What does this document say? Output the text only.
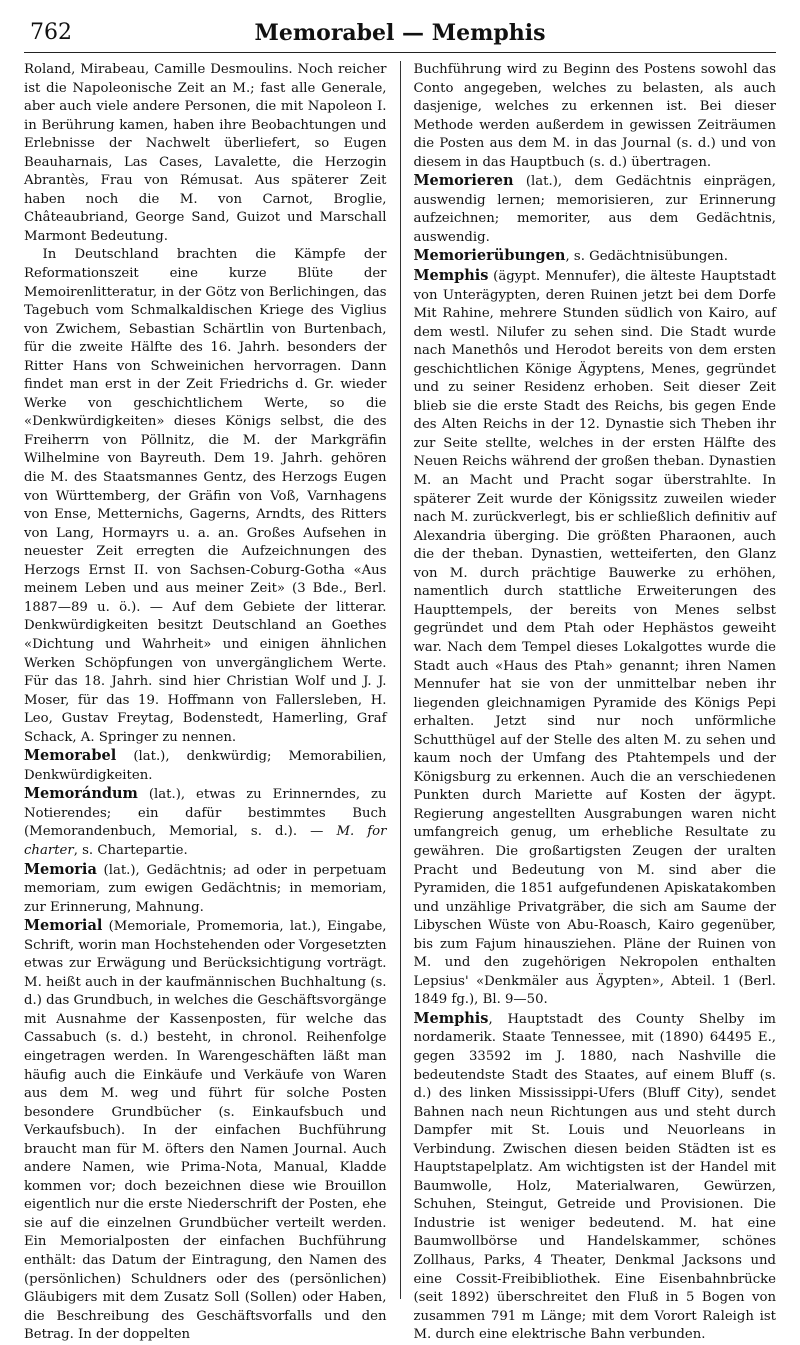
762	Memorabel — Memphis

Roland, Mirabeau, Camille Desmoulins. Noch reicher ist die Napoleonische Zeit an M.; fast alle Generale, aber auch viele andere Personen, die mit Napoleon I. in Berührung kamen, haben ihre Beobachtungen und Erlebnisse der Nachwelt überliefert, so Eugen Beauharnais, Las Cases, Lavalette, die Herzogin Abrantès, Frau von Rémusat. Aus späterer Zeit haben noch die M. von Carnot, Broglie, Châteaubriand, George Sand, Guizot und Marschall Marmont Bedeutung.

In Deutschland brachten die Kämpfe der Reformationszeit eine kurze Blüte der Memoirenlitteratur, in der Götz von Berlichingen, das Tagebuch vom Schmalkaldischen Kriege des Viglius von Zwichem, Sebastian Schärtlin von Burtenbach, für die zweite Hälfte des 16. Jahrh. besonders der Ritter Hans von Schweinichen hervorragen. Dann findet man erst in der Zeit Friedrichs d. Gr. wieder Werke von geschichtlichem Werte, so die «Denkwürdigkeiten» dieses Königs selbst, die des Freiherrn von Pöllnitz, die M. der Markgräfin Wilhelmine von Bayreuth. Dem 19. Jahrh. gehören die M. des Staatsmannes Gentz, des Herzogs Eugen von Württemberg, der Gräfin von Voß, Varnhagens von Ense, Metternichs, Gagerns, Arndts, des Ritters von Lang, Hormayrs u. a. an. Großes Aufsehen in neuester Zeit erregten die Aufzeichnungen des Herzogs Ernst II. von Sachsen-Coburg-Gotha «Aus meinem Leben und aus meiner Zeit» (3 Bde., Berl. 1887—89 u. ö.). — Auf dem Gebiete der litterar. Denkwürdigkeiten besitzt Deutschland an Goethes «Dichtung und Wahrheit» und einigen ähnlichen Werken Schöpfungen von unvergänglichem Werte. Für das 18. Jahrh. sind hier Christian Wolf und J. J. Moser, für das 19. Hoffmann von Fallersleben, H. Leo, Gustav Freytag, Bodenstedt, Hamerling, Graf Schack, A. Springer zu nennen.

Memorabel (lat.), denkwürdig; Memorabilien, Denkwürdigkeiten.

Memorándum (lat.), etwas zu Erinnerndes, zu Notierendes; ein dafür bestimmtes Buch (Memorandenbuch, Memorial, s. d.). — M. for charter, s. Chartepartie.

Memoria (lat.), Gedächtnis; ad oder in perpetuam memoriam, zum ewigen Gedächtnis; in memoriam, zur Erinnerung, Mahnung.

Memorial (Memoriale, Promemoria, lat.), Eingabe, Schrift, worin man Hochstehenden oder Vorgesetzten etwas zur Erwägung und Berücksichtigung vorträgt. M. heißt auch in der kaufmännischen Buchhaltung (s. d.) das Grundbuch, in welches die Geschäftsvorgänge mit Ausnahme der Kassenposten, für welche das Cassabuch (s. d.) besteht, in chronol. Reihenfolge eingetragen werden. In Warengeschäften läßt man häufig auch die Einkäufe und Verkäufe von Waren aus dem M. weg und führt für solche Posten besondere Grundbücher (s. Einkaufsbuch und Verkaufsbuch). In der einfachen Buchführung braucht man für M. öfters den Namen Journal. Auch andere Namen, wie Prima-Nota, Manual, Kladde kommen vor; doch bezeichnen diese wie Brouillon eigentlich nur die erste Niederschrift der Posten, ehe sie auf die einzelnen Grundbücher verteilt werden. Ein Memorialposten der einfachen Buchführung enthält: das Datum der Eintragung, den Namen des (persönlichen) Schuldners oder des (persönlichen) Gläubigers mit dem Zusatz Soll (Sollen) oder Haben, die Beschreibung des Geschäftsvorfalls und den Betrag. In der doppelten

Buchführung wird zu Beginn des Postens sowohl das Conto angegeben, welches zu belasten, als auch dasjenige, welches zu erkennen ist. Bei dieser Methode werden außerdem in gewissen Zeiträumen die Posten aus dem M. in das Journal (s. d.) und von diesem in das Hauptbuch (s. d.) übertragen.

Memorieren (lat.), dem Gedächtnis einprägen, auswendig lernen; memorisieren, zur Erinnerung aufzeichnen; memoriter, aus dem Gedächtnis, auswendig.

Memorierübungen, s. Gedächtnisübungen.

Memphis (ägypt. Mennufer), die älteste Hauptstadt von Unterägypten, deren Ruinen jetzt bei dem Dorfe Mit Rahine, mehrere Stunden südlich von Kairo, auf dem westl. Nilufer zu sehen sind. Die Stadt wurde nach Manethôs und Herodot bereits von dem ersten geschichtlichen Könige Ägyptens, Menes, gegründet und zu seiner Residenz erhoben. Seit dieser Zeit blieb sie die erste Stadt des Reichs, bis gegen Ende des Alten Reichs in der 12. Dynastie sich Theben ihr zur Seite stellte, welches in der ersten Hälfte des Neuen Reichs während der großen theban. Dynastien M. an Macht und Pracht sogar überstrahlte. In späterer Zeit wurde der Königssitz zuweilen wieder nach M. zurückverlegt, bis er schließlich definitiv auf Alexandria überging. Die größten Pharaonen, auch die der theban. Dynastien, wetteiferten, den Glanz von M. durch prächtige Bauwerke zu erhöhen, namentlich durch stattliche Erweiterungen des Haupttempels, der bereits von Menes selbst gegründet und dem Ptah oder Hephästos geweiht war. Nach dem Tempel dieses Lokalgottes wurde die Stadt auch «Haus des Ptah» genannt; ihren Namen Mennufer hat sie von der unmittelbar neben ihr liegenden gleichnamigen Pyramide des Königs Pepi erhalten. Jetzt sind nur noch unförmliche Schutthügel auf der Stelle des alten M. zu sehen und kaum noch der Umfang des Ptahtempels und der Königsburg zu erkennen. Auch die an verschiedenen Punkten durch Mariette auf Kosten der ägypt. Regierung angestellten Ausgrabungen waren nicht umfangreich genug, um erhebliche Resultate zu gewähren. Die großartigsten Zeugen der uralten Pracht und Bedeutung von M. sind aber die Pyramiden, die 1851 aufgefundenen Apiskatakomben und unzählige Privatgräber, die sich am Saume der Libyschen Wüste von Abu-Roasch, Kairo gegenüber, bis zum Fajum hinausziehen. Pläne der Ruinen von M. und den zugehörigen Nekropolen enthalten Lepsius' «Denkmäler aus Ägypten», Abteil. 1 (Berl. 1849 fg.), Bl. 9—50.

Memphis, Hauptstadt des County Shelby im nordamerik. Staate Tennessee, mit (1890) 64495 E., gegen 33592 im J. 1880, nach Nashville die bedeutendste Stadt des Staates, auf einem Bluff (s. d.) des linken Mississippi-Ufers (Bluff City), sendet Bahnen nach neun Richtungen aus und steht durch Dampfer mit St. Louis und Neuorleans in Verbindung. Zwischen diesen beiden Städten ist es Hauptstapelplatz. Am wichtigsten ist der Handel mit Baumwolle, Holz, Materialwaren, Gewürzen, Schuhen, Steingut, Getreide und Provisionen. Die Industrie ist weniger bedeutend. M. hat eine Baumwollbörse und Handelskammer, schönes Zollhaus, Parks, 4 Theater, Denkmal Jacksons und eine Cossit-Freibibliothek. Eine Eisenbahnbrücke (seit 1892) überschreitet den Fluß in 5 Bogen von zusammen 791 m Länge; mit dem Vorort Raleigh ist M. durch eine elektrische Bahn verbunden.
